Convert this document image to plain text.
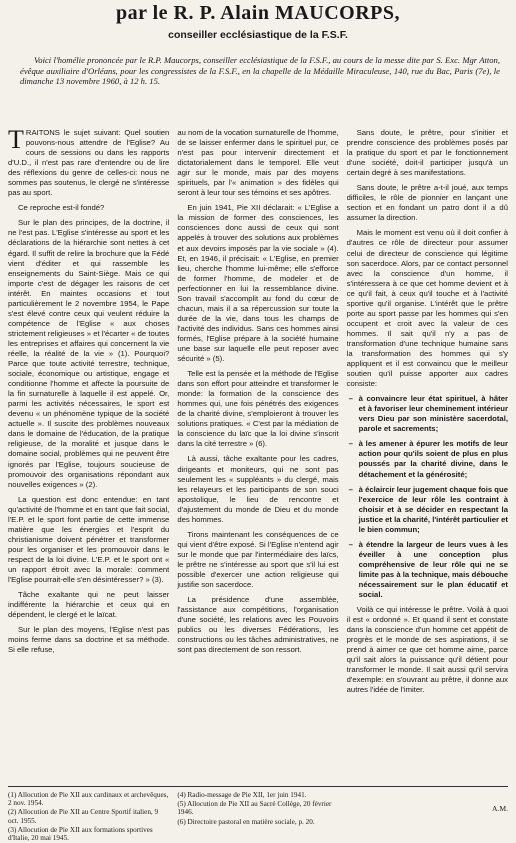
par le R. P. Alain MAUCORPS,
conseiller ecclésiastique de la F.S.F.

Voici l'homélie prononcée par le R.P. Maucorps, conseiller ecclésiastique de la F.S.F., au cours de la messe dite par S. Exc. Mgr Atton, évêque auxiliaire d'Orléans, pour les congressistes de la F.S.F., en la chapelle de la Médaille Miraculeuse, 140, rue du Bac, Paris (7e), le dimanche 13 novembre 1960, à 12 h. 15.

TRAITONS le sujet suivant: Quel soutien pouvons-nous attendre de l'Eglise? Au cours de sessions ou dans les rapports d'U.D., il n'est pas rare d'entendre ou de lire des réflexions du genre de celles-ci: nous ne sommes pas soutenus, le clergé ne s'intéresse pas au sport.

Ce reproche est-il fondé?

Sur le plan des principes, de la doctrine, il ne l'est pas. L'Eglise s'intéresse au sport et les déclarations de la hiérarchie sont nettes à cet égard. Il suffit de relire la brochure que la Fédé vient d'éditer et qui rassemble les enseignements du Saint-Siège. Mais ce qui importe c'est de dégager les raisons de cet intérêt. En maintes occasions et tout particulièrement le 2 novembre 1954, le Pape s'est élevé contre ceux qui veulent réduire la compétence de l'Eglise « aux choses strictement religieuses » et l'écarter « de toutes les entreprises et affaires qui concernent la vie réelle, la réalité de la vie » (1). Pourquoi? Parce que toute activité terrestre, technique, sociale, économique ou artistique, engage et conditionne l'homme et affecte la poursuite de la fin surnaturelle à laquelle il est appelé. Or, parmi les activités nécessaires, le sport est devenu « un phénomène typique de la société actuelle ». Il suscite des problèmes nouveaux dans le domaine de l'éducation, de la pratique religieuse, de la moralité et jusque dans le domaine social, problèmes qui ne peuvent être ignorés par l'Eglise, toujours soucieuse de promouvoir des organisations répondant aux nouvelles exigences » (2).

La question est donc entendue: en tant qu'activité de l'homme et en tant que fait social, l'E.P. et le sport font partie de cette immense matière que les énergies et l'esprit du christianisme doivent pénétrer et transformer pour les organiser et les promouvoir dans le respect de la loi divine. L'E.P. et le sport ont « un rapport étroit avec la morale: comment l'Eglise pourrait-elle s'en désintéresser? » (3).

Tâche exaltante qui ne peut laisser indifférente la hiérarchie et ceux qui en dépendent, le clergé et le laïcat.

Sur le plan des moyens, l'Eglise n'est pas moins ferme dans sa doctrine et sa méthode. Si elle refuse,

au nom de la vocation surnaturelle de l'homme, de se laisser enfermer dans le spirituel pur, ce n'est pas pour intervenir directement et dictatorialement dans le temporel. Elle veut agir sur le monde, mais par des moyens spirituels, par l'« animation » des fidèles qui seront à leur tour ses témoins et ses apôtres.

En juin 1941, Pie XII déclarait: « L'Eglise a la mission de former des consciences, les consciences donc aussi de ceux qui sont appelés à trouver des solutions aux problèmes et aux devoirs imposés par la vie sociale » (4). Et, en 1946, il précisait: « L'Eglise, en premier lieu, cherche l'homme lui-même; elle s'efforce de former l'homme, de modeler et de perfectionner en lui la ressemblance divine. Son travail s'accomplit au fond du cœur de chacun, mais il a sa répercussion sur toute la durée de la vie, dans tous les champs de l'activité des individus. Sans ces hommes ainsi formés, l'Eglise prépare à la société humaine une base sur laquelle elle peut reposer avec sécurité » (5).

Telle est la pensée et la méthode de l'Eglise dans son effort pour atteindre et transformer le monde: la formation de la conscience des hommes qui, une fois pénétrés des exigences de la charité divine, s'emploieront à trouver les solutions pratiques. « C'est par la médiation de la conscience du laïc que la loi divine s'inscrit dans la cité terrestre » (6).

Là aussi, tâche exaltante pour les cadres, dirigeants et moniteurs, qui ne sont pas seulement les « suppléants » du clergé, mais les relayeurs et les participants de son souci apostolique, le lieu de rencontre et d'ajustement du monde de Dieu et du monde des hommes.

Tirons maintenant les conséquences de ce qui vient d'être exposé. Si l'Eglise n'entend agir sur le monde que par l'intermédiaire des laïcs, le prêtre ne s'intéresse au sport que s'il lui est possible d'exercer une action religieuse qui justifie son sacerdoce.

La présidence d'une assemblée, l'assistance aux compétitions, l'organisation d'une société, les relations avec les Pouvoirs publics ou les diverses Fédérations, les constructions ou les tâches administratives, ne sont pas directement de son ressort.

Sans doute, le prêtre, pour s'initier et prendre conscience des problèmes posés par la pratique du sport et par le fonctionnement d'une société, doit-il participer jusqu'à un certain degré à ses manifestations.

Sans doute, le prêtre a-t-il joué, aux temps difficiles, le rôle de pionnier en lançant une section et en fondant un patro dont il a dû assumer la direction.

Mais le moment est venu où il doit confier à d'autres ce rôle de directeur pour assumer celui de directeur de conscience qui légitime son sacerdoce. Alors, par ce contact personnel avec la conscience d'un homme, il s'intéressera à ce que cet homme devient et à ce qu'il fait, à ceux qu'il touche et à l'activité sportive qu'il organise. L'intérêt que le prêtre porte au sport passe par les hommes qui s'en occupent et croit avec la valeur de ces hommes. Il sait qu'il n'y a pas de transformation d'une technique humaine sans la transformation des hommes qui s'y appliquent et il est convaincu que le meilleur soutien qu'il puisse apporter aux cadres consiste:

– à convaincre leur état spirituel, à hâter et à favoriser leur cheminement intérieur vers Dieu par son ministère sacerdotal, parole et sacrements;
– à les amener à épurer les motifs de leur action pour qu'ils soient de plus en plus poussés par la charité divine, dans le détachement et la générosité;
– à éclaircir leur jugement chaque fois que l'exercice de leur rôle les contraint à choisir et à se décider en respectant la justice et la charité, l'intérêt particulier et le bien commun;
– à étendre la largeur de leurs vues à les éveiller à une conception plus compréhensive de leur rôle qui ne se limite pas à la technique, mais débouche nécessairement sur le plan éducatif et social.

Voilà ce qui intéresse le prêtre. Voilà à quoi il est « ordonné ». Et quand il sent et constate dans la conscience d'un homme cet appétit de progrès et le monde de ses aspirations, il se prend à aimer ce que cet homme aime, parce qu'il sait alors la puissance qu'il détient pour transformer le monde. Il sait aussi qu'il servira d'exemple: en s'ouvrant au prêtre, il donne aux autres l'idée de l'imiter.

(1) Allocution de Pie XII aux cardinaux et archevêques, 2 nov. 1954.
(2) Allocution de Pie XII au Centre Sportif italien, 9 oct. 1955.
(3) Allocution de Pie XII aux formations sportives d'Italie, 20 mai 1945.
(4) Radio-message de Pie XII, 1er juin 1941.
(5) Allocution de Pie XII au Sacré Collège, 20 février 1946.
(6) Directoire pastoral en matière sociale, p. 20.
A.M.
